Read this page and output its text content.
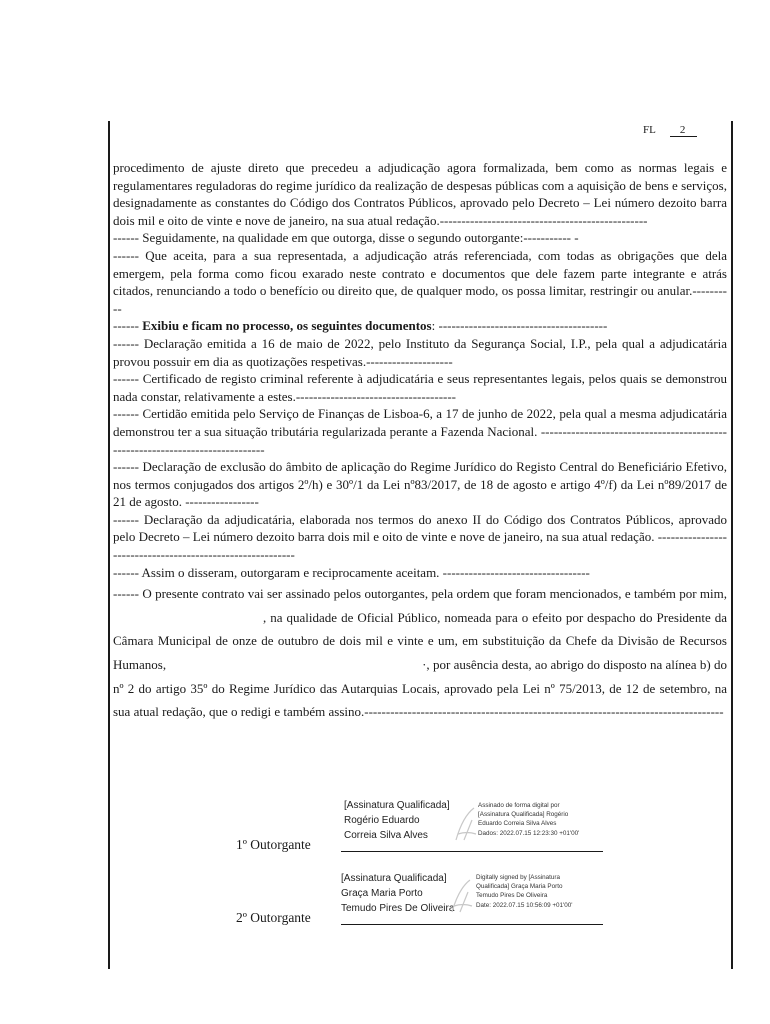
FL 2

procedimento de ajuste direto que precedeu a adjudicação agora formalizada, bem como as normas legais e regulamentares reguladoras do regime jurídico da realização de despesas públicas com a aquisição de bens e serviços, designadamente as constantes do Código dos Contratos Públicos, aprovado pelo Decreto – Lei número dezoito barra dois mil e oito de vinte e nove de janeiro, na sua atual redação.------------------------------------------------

------ Seguidamente, na qualidade em que outorga, disse o segundo outorgante:----------- -

------ Que aceita, para a sua representada, a adjudicação atrás referenciada, com todas as obrigações que dela emergem, pela forma como ficou exarado neste contrato e documentos que dele fazem parte integrante e atrás citados, renunciando a todo o benefício ou direito que, de qualquer modo, os possa limitar, restringir ou anular.----------

------ Exibiu e ficam no processo, os seguintes documentos: ---------------------------------------

------ Declaração emitida a 16 de maio de 2022, pelo Instituto da Segurança Social, I.P., pela qual a adjudicatária provou possuir em dia as quotizações respetivas.--------------------

------ Certificado de registo criminal referente à adjudicatária e seus representantes legais, pelos quais se demonstrou nada constar, relativamente a estes.-------------------------------------

------ Certidão emitida pelo Serviço de Finanças de Lisboa-6, a 17 de junho de 2022, pela qual a mesma adjudicatária demonstrou ter a sua situação tributária regularizada perante a Fazenda Nacional. ------------------------------------------------------------------------------

------ Declaração de exclusão do âmbito de aplicação do Regime Jurídico do Registo Central do Beneficiário Efetivo, nos termos conjugados dos artigos 2º/h) e 30º/1 da Lei nº83/2017, de 18 de agosto e artigo 4º/f) da Lei nº89/2017 de 21 de agosto. -----------------

------ Declaração da adjudicatária, elaborada nos termos do anexo II do Código dos Contratos Públicos, aprovado pelo Decreto – Lei número dezoito barra dois mil e oito de vinte e nove de janeiro, na sua atual redação. ----------------------------------------------------------

------ Assim o disseram, outorgaram e reciprocamente aceitam. ----------------------------------

------ O presente contrato vai ser assinado pelos outorgantes, pela ordem que foram mencionados, e também por mim,, na qualidade de Oficial Público, nomeada para o efeito por despacho do Presidente da Câmara Municipal de onze de outubro de dois mil e vinte e um, em substituição da Chefe da Divisão de Recursos Humanos,	·, por ausência desta, ao abrigo do disposto na alínea b) do nº 2 do artigo 35º do Regime Jurídico das Autarquias Locais, aprovado pela Lei nº 75/2013, de 12 de setembro, na sua atual redação, que o redigi e também assino.-----------------------------------------------------------------------------------

[Assinatura Qualificada]
Rogério Eduardo
Correia Silva Alves
Assinado de forma digital por
[Assinatura Qualificada] Rogério
Eduardo Correia Silva Alves
Dados: 2022.07.15 12:23:30 +01'00'
1º Outorgante
[Assinatura Qualificada]
Graça Maria Porto
Temudo Pires De Oliveira
Digitally signed by [Assinatura
Qualificada] Graça Maria Porto
Temudo Pires De Oliveira
Date: 2022.07.15 10:56:09 +01'00'
2º Outorgante
